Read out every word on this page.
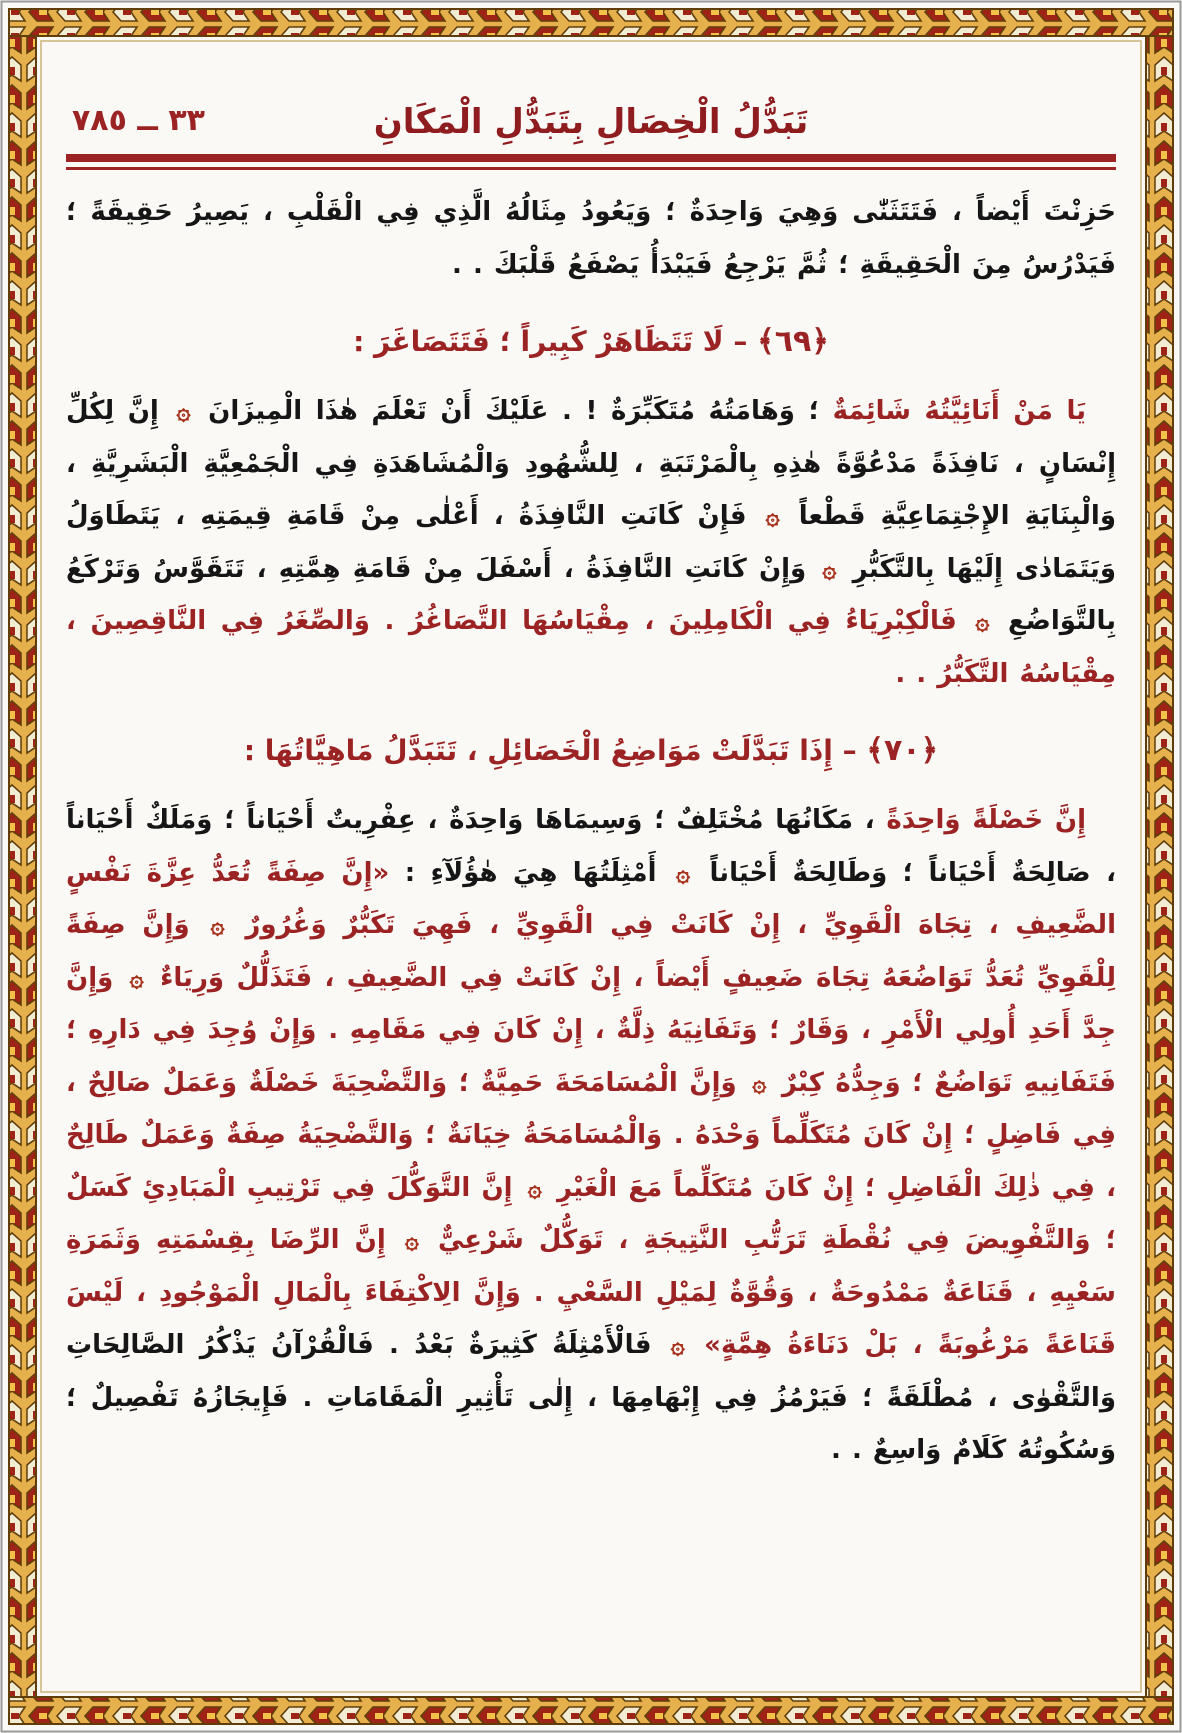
٣٣ ــ ٧٨٥	تَبَدُّلُ الْخِصَالِ بِتَبَدُّلِ الْمَكَانِ

حَزِنْتَ أَيْضاً ، فَتَتَثَنّٰى وَهِيَ وَاحِدَةٌ ؛ وَيَعُودُ مِثَالُهُ الَّذِي فِي الْقَلْبِ ، يَصِيرُ حَقِيقَةً ؛ فَيَدْرُسُ مِنَ الْحَقِيقَةِ ؛ ثُمَّ يَرْجِعُ فَيَبْدَأُ يَصْفَعُ قَلْبَكَ . .

﴿٦٩﴾ – لَا تَتَظَاهَرْ كَبِيراً ؛ فَتَتَصَاغَرَ :

يَا مَنْ أَنَائِيَّتُهُ شَائِمَةٌ ؛ وَهَامَتُهُ مُتَكَبِّرَةٌ ! . عَلَيْكَ أَنْ تَعْلَمَ هٰذَا الْمِيزَانَ ۞ إِنَّ لِكُلِّ إِنْسَانٍ ، نَافِذَةً مَدْعُوَّةً هٰذِهِ بِالْمَرْتَبَةِ ، لِلشُّهُودِ وَالْمُشَاهَدَةِ فِي الْجَمْعِيَّةِ الْبَشَرِيَّةِ ، وَالْبِنَايَةِ الإِجْتِمَاعِيَّةِ قَطْعاً ۞ فَإِنْ كَانَتِ النَّافِذَةُ ، أَعْلٰى مِنْ قَامَةِ قِيمَتِهِ ، يَتَطَاوَلُ وَيَتَمَادٰى إِلَيْهَا بِالتَّكَبُّرِ ۞ وَإِنْ كَانَتِ النَّافِذَةُ ، أَسْفَلَ مِنْ قَامَةِ هِمَّتِهِ ، تَتَقَوَّسُ وَتَرْكَعُ بِالتَّوَاضُعِ ۞ فَالْكِبْرِيَاءُ فِي الْكَامِلِينَ ، مِقْيَاسُهَا التَّصَاغُرُ . وَالصِّغَرُ فِي النَّاقِصِينَ ، مِقْيَاسُهُ التَّكَبُّرُ . .

﴿٧٠﴾ – إِذَا تَبَدَّلَتْ مَوَاضِعُ الْخَصَائِلِ ، تَتَبَدَّلُ مَاهِيَّاتُهَا :

إِنَّ خَصْلَةً وَاحِدَةً ، مَكَانُهَا مُخْتَلِفٌ ؛ وَسِيمَاهَا وَاحِدَةٌ ، عِفْرِيتٌ أَحْيَاناً ؛ وَمَلَكٌ أَحْيَاناً ، صَالِحَةٌ أَحْيَاناً ؛ وَطَالِحَةٌ أَحْيَاناً ۞ أَمْثِلَتُهَا هِيَ هٰؤُلَآءِ : «إِنَّ صِفَةً تُعَدُّ عِزَّةَ نَفْسٍ الضَّعِيفِ ، تِجَاهَ الْقَوِيِّ ، إِنْ كَانَتْ فِي الْقَوِيِّ ، فَهِيَ تَكَبُّرٌ وَغُرُورٌ ۞ وَإِنَّ صِفَةً لِلْقَوِيِّ تُعَدُّ تَوَاضُعَهُ تِجَاهَ ضَعِيفٍ أَيْضاً ، إِنْ كَانَتْ فِي الضَّعِيفِ ، فَتَذَلُّلٌ وَرِيَاءٌ ۞ وَإِنَّ جِدَّ أَحَدِ أُولِي الْأَمْرِ ، وَقَارٌ ؛ وَتَفَانِيَهُ ذِلَّةٌ ، إِنْ كَانَ فِي مَقَامِهِ . وَإِنْ وُجِدَ فِي دَارِهِ ؛ فَتَفَانِيهِ تَوَاضُعٌ ؛ وَجِدُّهُ كِبْرٌ ۞ وَإِنَّ الْمُسَامَحَةَ حَمِيَّةٌ ؛ وَالتَّضْحِيَةَ خَصْلَةٌ وَعَمَلٌ صَالِحٌ ، فِي فَاضِلٍ ؛ إِنْ كَانَ مُتَكَلِّماً وَحْدَهُ . وَالْمُسَامَحَةُ خِيَانَةٌ ؛ وَالتَّضْحِيَةُ صِفَةٌ وَعَمَلٌ طَالِحٌ ، فِي ذٰلِكَ الْفَاضِلِ ؛ إِنْ كَانَ مُتَكَلِّماً مَعَ الْغَيْرِ ۞ إِنَّ التَّوَكُّلَ فِي تَرْتِيبِ الْمَبَادِئِ كَسَلٌ ؛ وَالتَّفْوِيضَ فِي نُقْطَةِ تَرَتُّبِ النَّتِيجَةِ ، تَوَكُّلٌ شَرْعِيٌّ ۞ إِنَّ الرِّضَا بِقِسْمَتِهِ وَثَمَرَةِ سَعْيِهِ ، قَنَاعَةٌ مَمْدُوحَةٌ ، وَقُوَّةٌ لِمَيْلِ السَّعْيِ . وَإِنَّ الِاكْتِفَاءَ بِالْمَالِ الْمَوْجُودِ ، لَيْسَ قَنَاعَةً مَرْغُوبَةً ، بَلْ دَنَاءَةُ هِمَّةٍ» ۞ فَالْأَمْثِلَةُ كَثِيرَةٌ بَعْدُ . فَالْقُرْآنُ يَذْكُرُ الصَّالِحَاتِ وَالتَّقْوٰى ، مُطْلَقَةً ؛ فَيَرْمُزُ فِي إِبْهَامِهَا ، إِلٰى تَأْثِيرِ الْمَقَامَاتِ . فَإِيجَازُهُ تَفْصِيلٌ ؛ وَسُكُوتُهُ كَلَامٌ وَاسِعٌ . .
